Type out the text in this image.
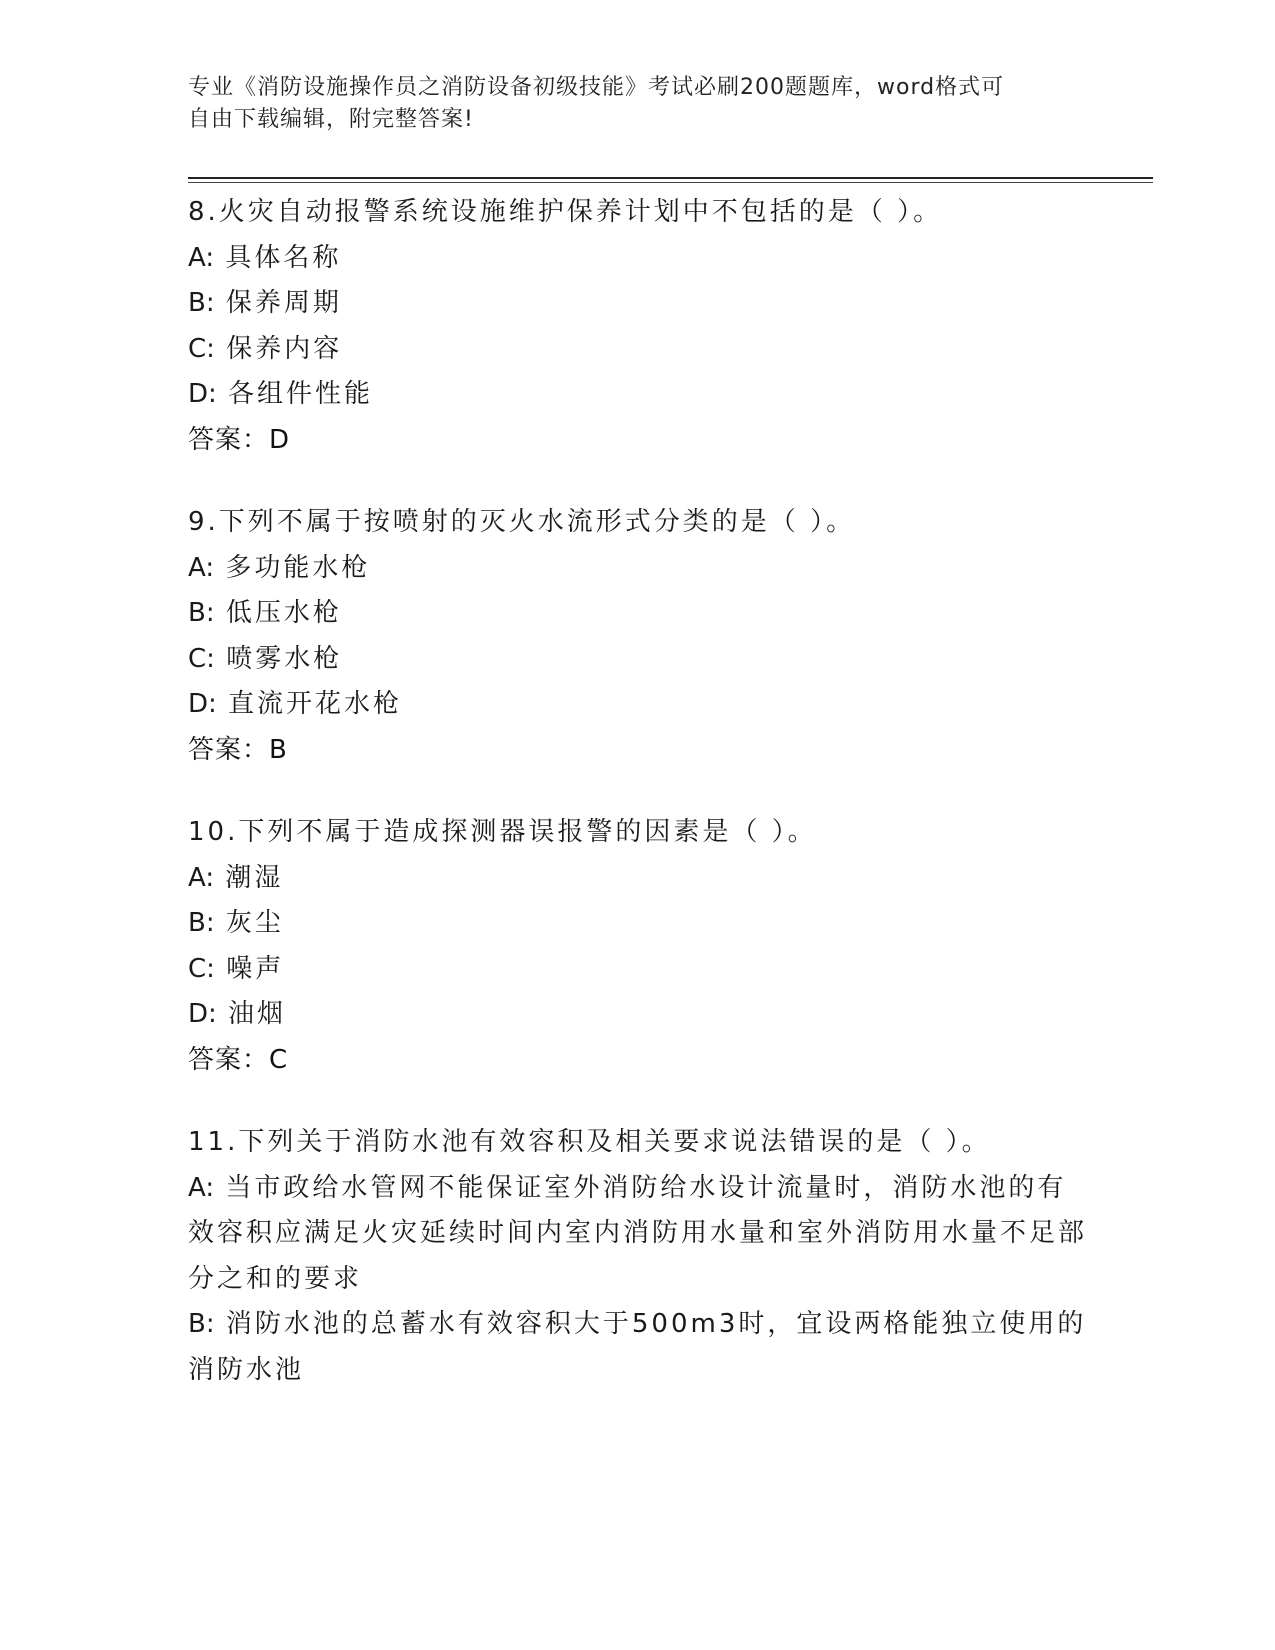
专业《消防设施操作员之消防设备初级技能》考试必刷200题题库，word格式可
自由下载编辑，附完整答案!
8.火灾自动报警系统设施维护保养计划中不包括的是（ ）。
A: 具体名称
B: 保养周期
C: 保养内容
D: 各组件性能
答案：D
9.下列不属于按喷射的灭火水流形式分类的是（ ）。
A: 多功能水枪
B: 低压水枪
C: 喷雾水枪
D: 直流开花水枪
答案：B
10.下列不属于造成探测器误报警的因素是（ ）。
A: 潮湿
B: 灰尘
C: 噪声
D: 油烟
答案：C
11.下列关于消防水池有效容积及相关要求说法错误的是（ ）。
A: 当市政给水管网不能保证室外消防给水设计流量时，消防水池的有效容积应满足火灾延续时间内室内消防用水量和室外消防用水量不足部分之和的要求
B: 消防水池的总蓄水有效容积大于500m3时，宜设两格能独立使用的消防水池
